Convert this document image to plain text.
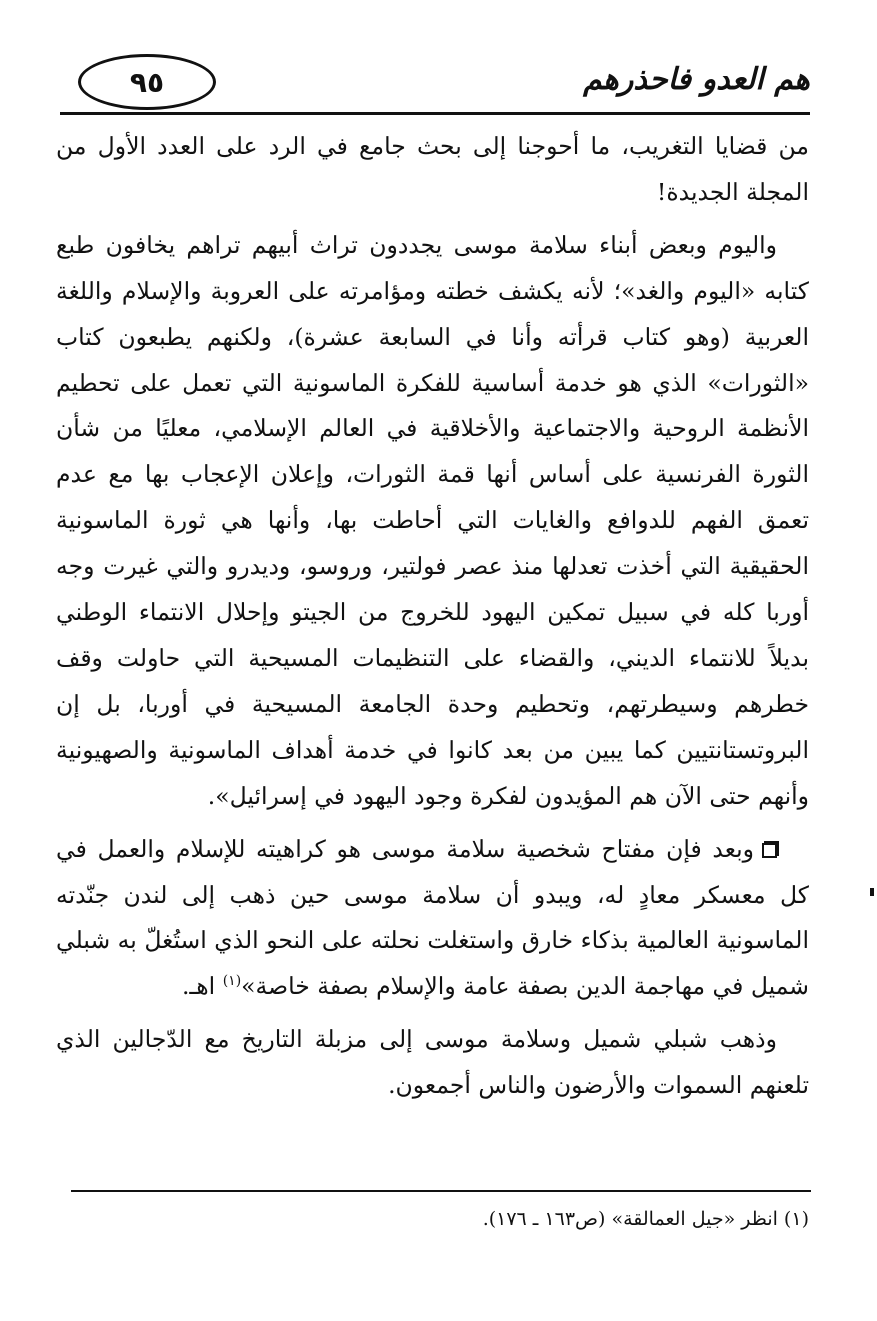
هم العدو فاحذرهم
٩٥

من قضايا التغريب، ما أحوجنا إلى بحث جامع في الرد على العدد الأول من المجلة الجديدة!

واليوم وبعض أبناء سلامة موسى يجددون تراث أبيهم تراهم يخافون طبع كتابه «اليوم والغد»؛ لأنه يكشف خطته ومؤامرته على العروبة والإسلام واللغة العربية (وهو كتاب قرأته وأنا في السابعة عشرة)، ولكنهم يطبعون كتاب «الثورات» الذي هو خدمة أساسية للفكرة الماسونية التي تعمل على تحطيم الأنظمة الروحية والاجتماعية والأخلاقية في العالم الإسلامي، معليًا من شأن الثورة الفرنسية على أساس أنها قمة الثورات، وإعلان الإعجاب بها مع عدم تعمق الفهم للدوافع والغايات التي أحاطت بها، وأنها هي ثورة الماسونية الحقيقية التي أخذت تعدلها منذ عصر فولتير، وروسو، وديدرو والتي غيرت وجه أوربا كله في سبيل تمكين اليهود للخروج من الجيتو وإحلال الانتماء الوطني بديلاً للانتماء الديني، والقضاء على التنظيمات المسيحية التي حاولت وقف خطرهم وسيطرتهم، وتحطيم وحدة الجامعة المسيحية في أوربا، بل إن البروتستانتيين كما يبين من بعد كانوا في خدمة أهداف الماسونية والصهيونية وأنهم حتى الآن هم المؤيدون لفكرة وجود اليهود في إسرائيل».

وبعد فإن مفتاح شخصية سلامة موسى هو كراهيته للإسلام والعمل في كل معسكر معادٍ له، ويبدو أن سلامة موسى حين ذهب إلى لندن جنّدته الماسونية العالمية بذكاء خارق واستغلت نحلته على النحو الذي استُغلّ به شبلي شميل في مهاجمة الدين بصفة عامة والإسلام بصفة خاصة»$^{(١)}$ اهـ.

وذهب شبلي شميل وسلامة موسى إلى مزبلة التاريخ مع الدّجالين الذي تلعنهم السموات والأرضون والناس أجمعون.

(١) انظر «جيل العمالقة» (ص١٦٣ ـ ١٧٦).
